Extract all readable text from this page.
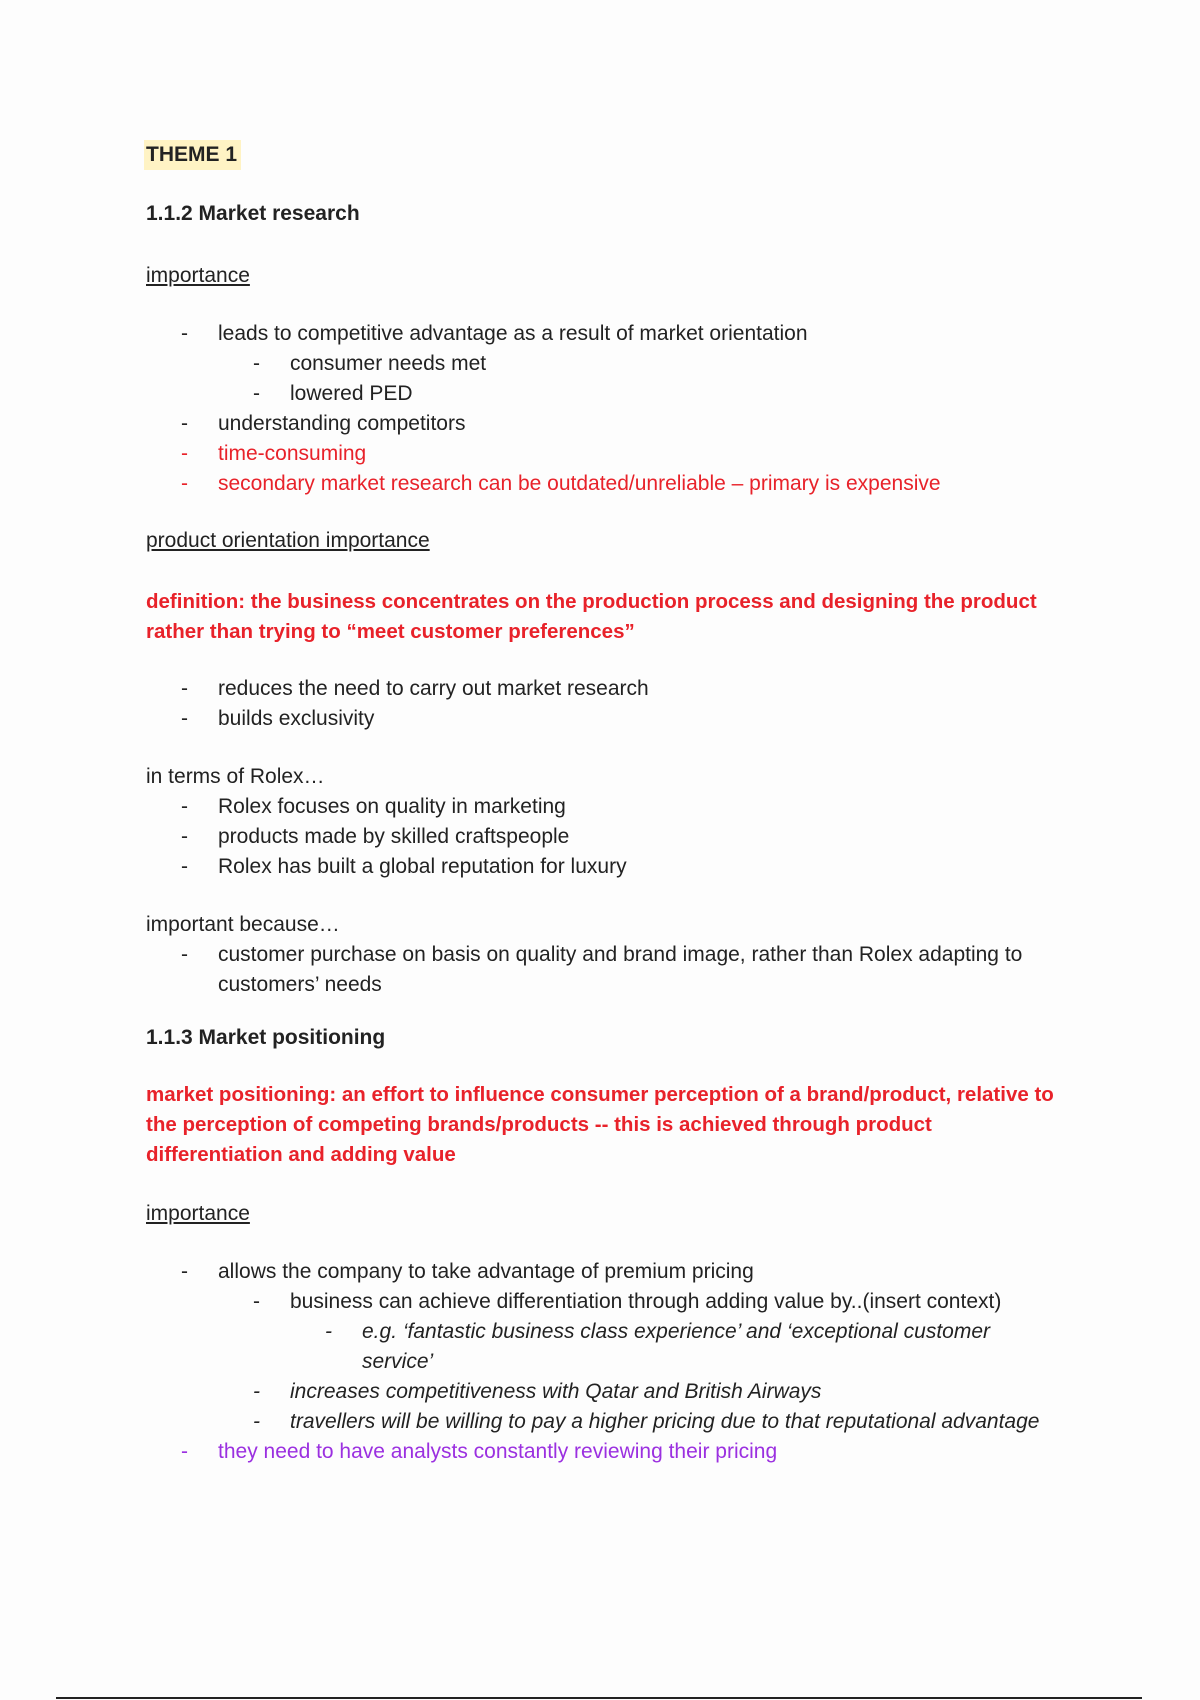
THEME 1

1.1.2 Market research

importance

- leads to competitive advantage as a result of market orientation
- consumer needs met
- lowered PED
- understanding competitors
- time-consuming
- secondary market research can be outdated/unreliable – primary is expensive

product orientation importance

definition: the business concentrates on the production process and designing the product rather than trying to “meet customer preferences”

- reduces the need to carry out market research
- builds exclusivity

in terms of Rolex…

- Rolex focuses on quality in marketing
- products made by skilled craftspeople
- Rolex has built a global reputation for luxury

important because…

- customer purchase on basis on quality and brand image, rather than Rolex adapting to customers’ needs

1.1.3 Market positioning

market positioning: an effort to influence consumer perception of a brand/product, relative to the perception of competing brands/products -- this is achieved through product differentiation and adding value

importance

- allows the company to take advantage of premium pricing
- business can achieve differentiation through adding value by..(insert context)
- e.g. ‘fantastic business class experience’ and ‘exceptional customer service’
- increases competitiveness with Qatar and British Airways
- travellers will be willing to pay a higher pricing due to that reputational advantage
- they need to have analysts constantly reviewing their pricing
